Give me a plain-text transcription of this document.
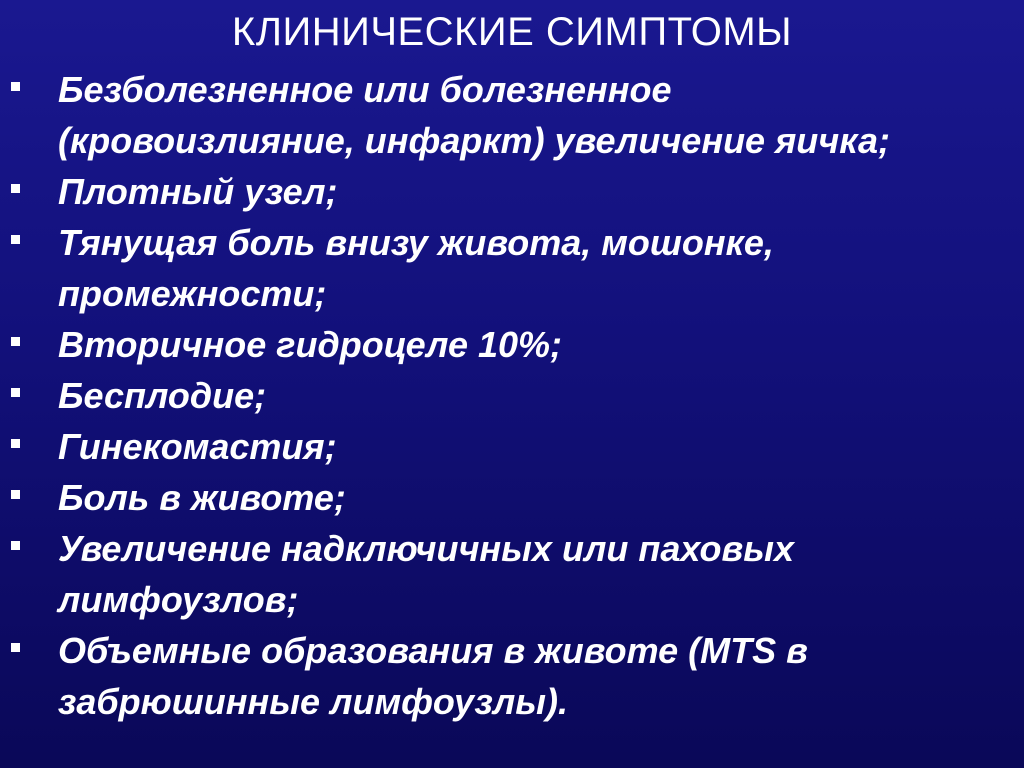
КЛИНИЧЕСКИЕ СИМПТОМЫ
Безболезненное или болезненное (кровоизлияние, инфаркт) увеличение яичка;
Плотный узел;
Тянущая боль внизу живота, мошонке, промежности;
Вторичное гидроцеле 10%;
Бесплодие;
Гинекомастия;
Боль в животе;
Увеличение надключичных или паховых лимфоузлов;
Объемные образования в животе (MTS в забрюшинные лимфоузлы).
